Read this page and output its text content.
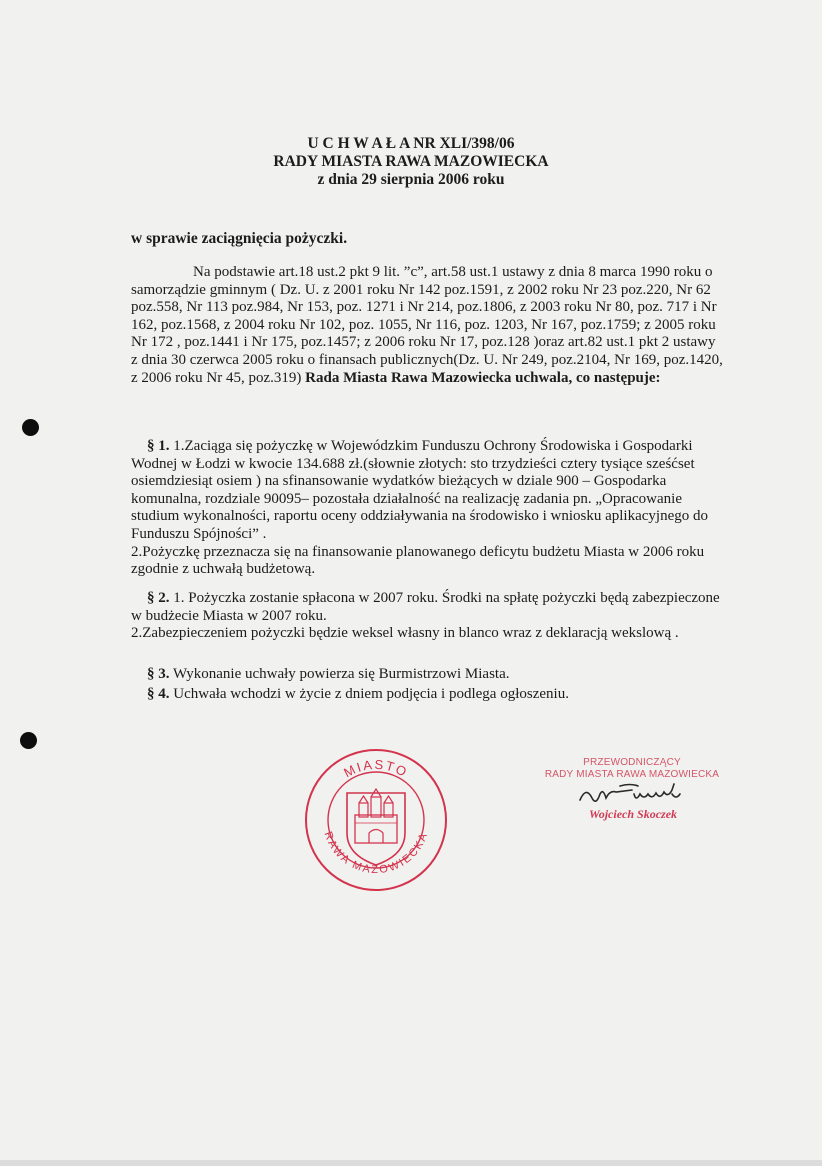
U C H W A Ł A NR XLI/398/06
RADY MIASTA RAWA MAZOWIECKA
z dnia 29 sierpnia 2006 roku
w sprawie zaciągnięcia pożyczki.

Na podstawie art.18 ust.2 pkt 9 lit. ”c”, art.58 ust.1 ustawy z dnia 8 marca 1990 roku o samorządzie gminnym ( Dz. U. z 2001 roku Nr 142 poz.1591, z 2002 roku Nr 23 poz.220, Nr 62 poz.558, Nr 113 poz.984, Nr 153, poz. 1271 i Nr 214, poz.1806, z 2003 roku Nr 80, poz. 717 i Nr 162, poz.1568, z 2004 roku Nr 102, poz. 1055, Nr 116, poz. 1203, Nr 167, poz.1759; z 2005 roku Nr 172 , poz.1441 i Nr 175, poz.1457; z 2006 roku Nr 17, poz.128 )oraz art.82 ust.1 pkt 2 ustawy z dnia 30 czerwca 2005 roku o finansach publicznych(Dz. U. Nr 249, poz.2104, Nr 169, poz.1420, z 2006 roku Nr 45, poz.319) Rada Miasta Rawa Mazowiecka uchwala, co następuje:

§ 1. 1.Zaciąga się pożyczkę w Wojewódzkim Funduszu Ochrony Środowiska i Gospodarki Wodnej w Łodzi w kwocie 134.688 zł.(słownie złotych: sto trzydzieści cztery tysiące sześćset osiemdziesiąt osiem ) na sfinansowanie wydatków bieżących w dziale 900 – Gospodarka komunalna, rozdziale 90095– pozostała działalność na realizację zadania pn. „Opracowanie studium wykonalności, raportu oceny oddziaływania na środowisko i wniosku aplikacyjnego do Funduszu Spójności” .

2.Pożyczkę przeznacza się na finansowanie planowanego deficytu budżetu Miasta w 2006 roku zgodnie z uchwałą budżetową.

§ 2. 1. Pożyczka zostanie spłacona w 2007 roku. Środki na spłatę pożyczki będą zabezpieczone w budżecie Miasta w 2007 roku.

2.Zabezpieczeniem pożyczki będzie weksel własny in blanco wraz z deklaracją wekslową .

§ 3. Wykonanie uchwały powierza się Burmistrzowi Miasta.

§ 4. Uchwała wchodzi w życie z dniem podjęcia i podlega ogłoszeniu.

MIASTO
RAWA MAZOWIECKA
PRZEWODNICZĄCY
RADY MIASTA RAWA MAZOWIECKA
Wojciech Skoczek
